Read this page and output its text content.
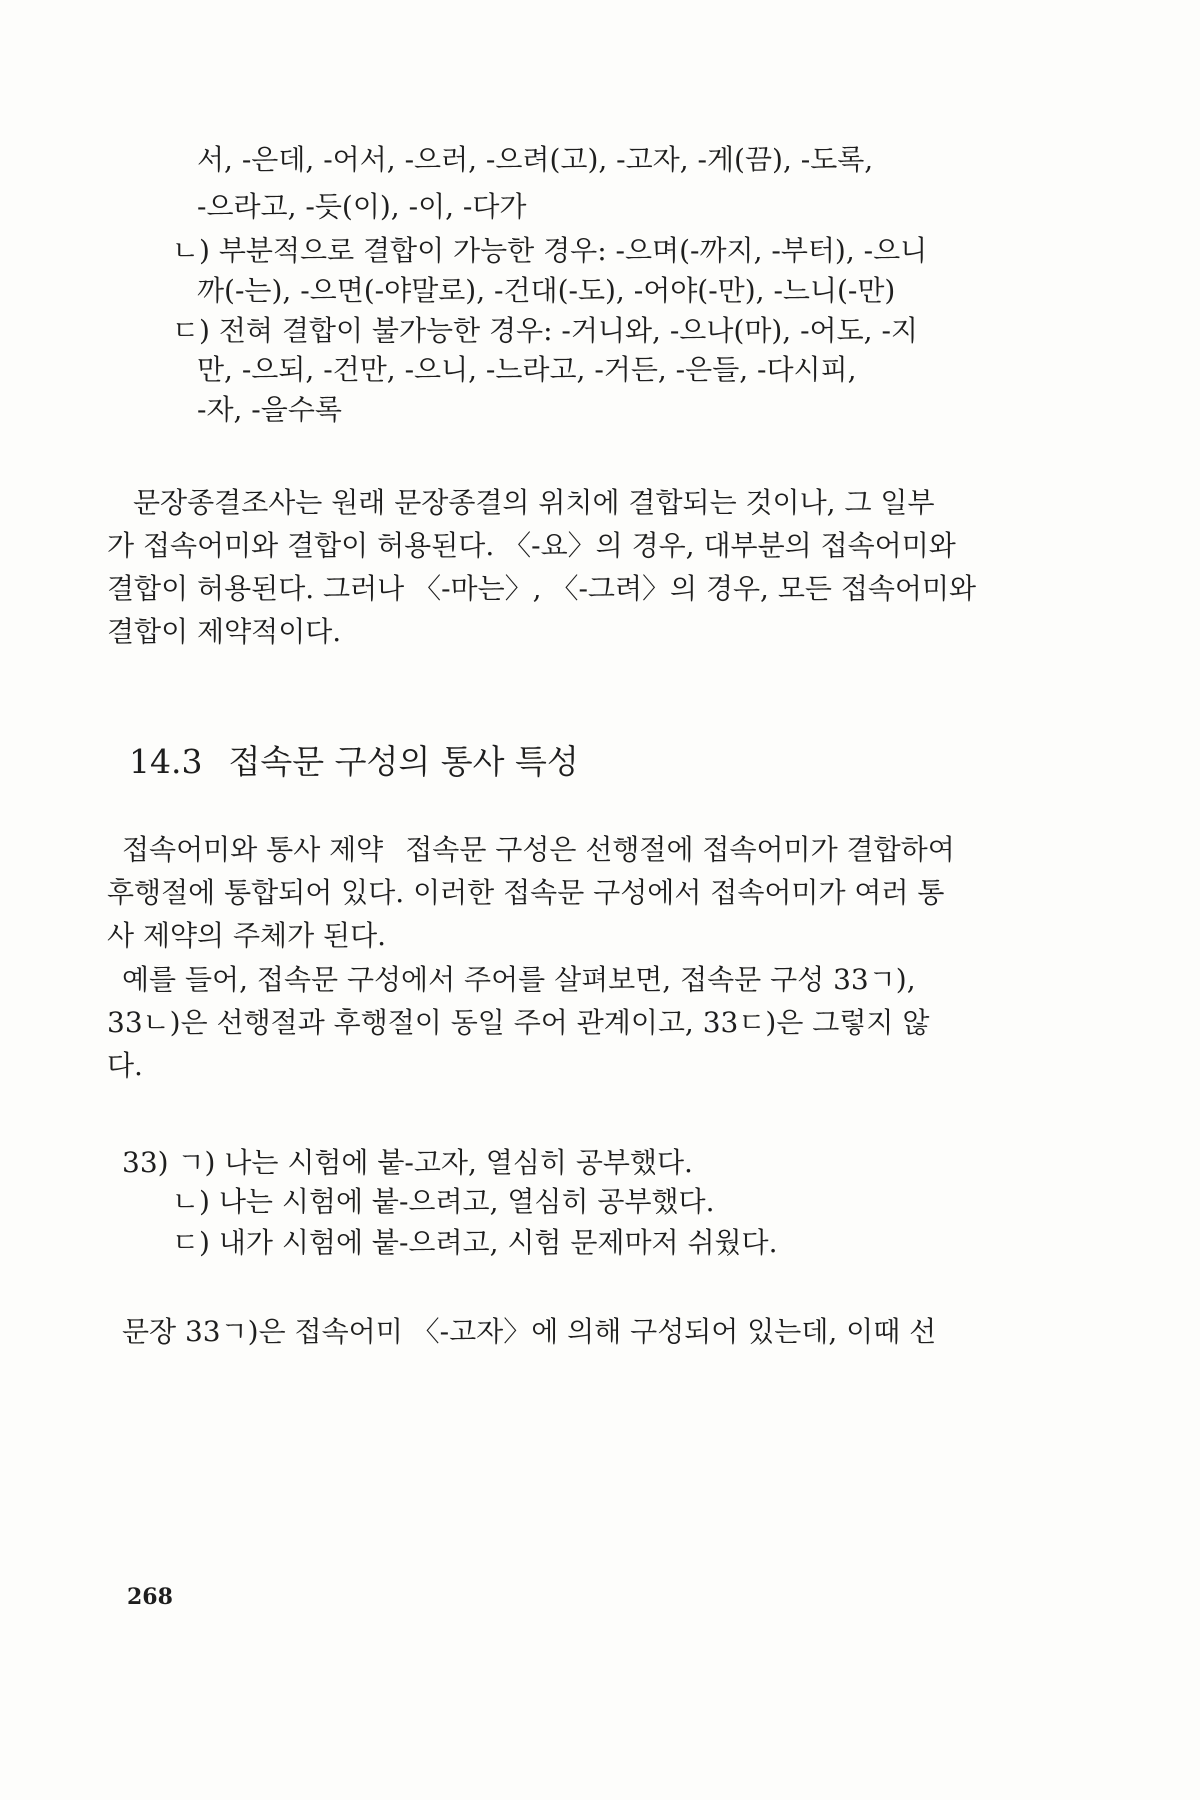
서, -은데, -어서, -으러, -으려(고), -고자, -게(끔), -도록,
-으라고, -듯(이), -이, -다가
ㄴ) 부분적으로 결합이 가능한 경우: -으며(-까지, -부터), -으니
까(-는), -으면(-야말로), -건대(-도), -어야(-만), -느니(-만)
ㄷ) 전혀 결합이 불가능한 경우: -거니와, -으나(마), -어도, -지
만, -으되, -건만, -으니, -느라고, -거든, -은들, -다시피,
-자, -을수록
문장종결조사는 원래 문장종결의 위치에 결합되는 것이나, 그 일부
가 접속어미와 결합이 허용된다. 〈-요〉의 경우, 대부분의 접속어미와
결합이 허용된다. 그러나 〈-마는〉, 〈-그려〉의 경우, 모든 접속어미와
결합이 제약적이다.
14.3 접속문 구성의 통사 특성
접속어미와 통사 제약 접속문 구성은 선행절에 접속어미가 결합하여
후행절에 통합되어 있다. 이러한 접속문 구성에서 접속어미가 여러 통
사 제약의 주체가 된다.
예를 들어, 접속문 구성에서 주어를 살펴보면, 접속문 구성 33ㄱ),
33ㄴ)은 선행절과 후행절이 동일 주어 관계이고, 33ㄷ)은 그렇지 않
다.
33) ㄱ) 나는 시험에 붙-고자, 열심히 공부했다.
ㄴ) 나는 시험에 붙-으려고, 열심히 공부했다.
ㄷ) 내가 시험에 붙-으려고, 시험 문제마저 쉬웠다.
문장 33ㄱ)은 접속어미 〈-고자〉에 의해 구성되어 있는데, 이때 선
268
